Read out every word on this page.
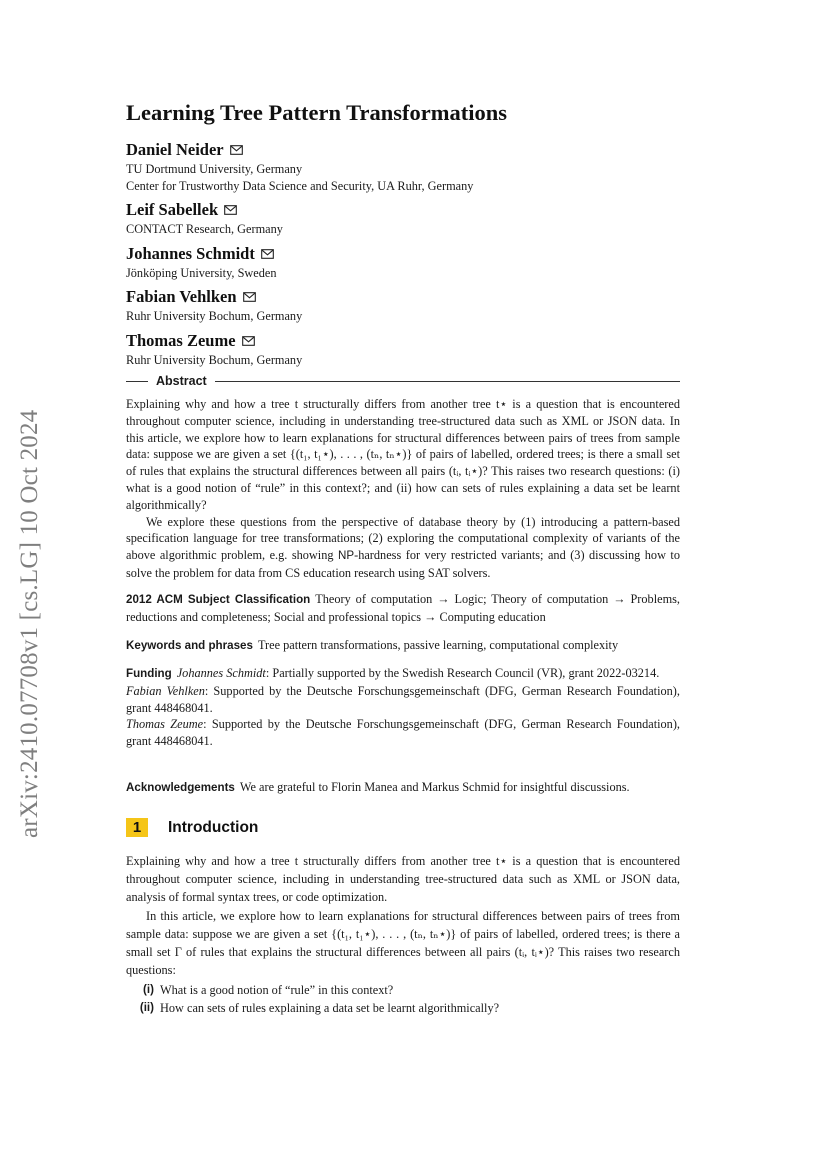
arXiv:2410.07708v1 [cs.LG] 10 Oct 2024
Learning Tree Pattern Transformations
Daniel Neider
TU Dortmund University, Germany
Center for Trustworthy Data Science and Security, UA Ruhr, Germany
Leif Sabellek
CONTACT Research, Germany
Johannes Schmidt
Jönköping University, Sweden
Fabian Vehlken
Ruhr University Bochum, Germany
Thomas Zeume
Ruhr University Bochum, Germany
Abstract

Explaining why and how a tree t structurally differs from another tree t⋆ is a question that is encountered throughout computer science, including in understanding tree-structured data such as XML or JSON data. In this article, we explore how to learn explanations for structural differences between pairs of trees from sample data: suppose we are given a set {(t₁, t₁⋆), . . . , (tₙ, tₙ⋆)} of pairs of labelled, ordered trees; is there a small set of rules that explains the structural differences between all pairs (tᵢ, tᵢ⋆)? This raises two research questions: (i) what is a good notion of “rule” in this context?; and (ii) how can sets of rules explaining a data set be learnt algorithmically?

We explore these questions from the perspective of database theory by (1) introducing a pattern-based specification language for tree transformations; (2) exploring the computational complexity of variants of the above algorithmic problem, e.g. showing NP-hardness for very restricted variants; and (3) discussing how to solve the problem for data from CS education research using SAT solvers.

2012 ACM Subject Classification Theory of computation → Logic; Theory of computation → Problems, reductions and completeness; Social and professional topics → Computing education
Keywords and phrases Tree pattern transformations, passive learning, computational complexity

Funding Johannes Schmidt: Partially supported by the Swedish Research Council (VR), grant 2022-03214.

Fabian Vehlken: Supported by the Deutsche Forschungsgemeinschaft (DFG, German Research Foundation), grant 448468041.

Thomas Zeume: Supported by the Deutsche Forschungsgemeinschaft (DFG, German Research Foundation), grant 448468041.

Acknowledgements We are grateful to Florin Manea and Markus Schmid for insightful discussions.
1	Introduction

Explaining why and how a tree t structurally differs from another tree t⋆ is a question that is encountered throughout computer science, including in understanding tree-structured data such as XML or JSON data, analysis of formal syntax trees, or code optimization.

In this article, we explore how to learn explanations for structural differences between pairs of trees from sample data: suppose we are given a set {(t₁, t₁⋆), . . . , (tₙ, tₙ⋆)} of pairs of labelled, ordered trees; is there a small set Γ of rules that explains the structural differences between all pairs (tᵢ, tᵢ⋆)? This raises two research questions:

(i) What is a good notion of “rule” in this context?
(ii) How can sets of rules explaining a data set be learnt algorithmically?
